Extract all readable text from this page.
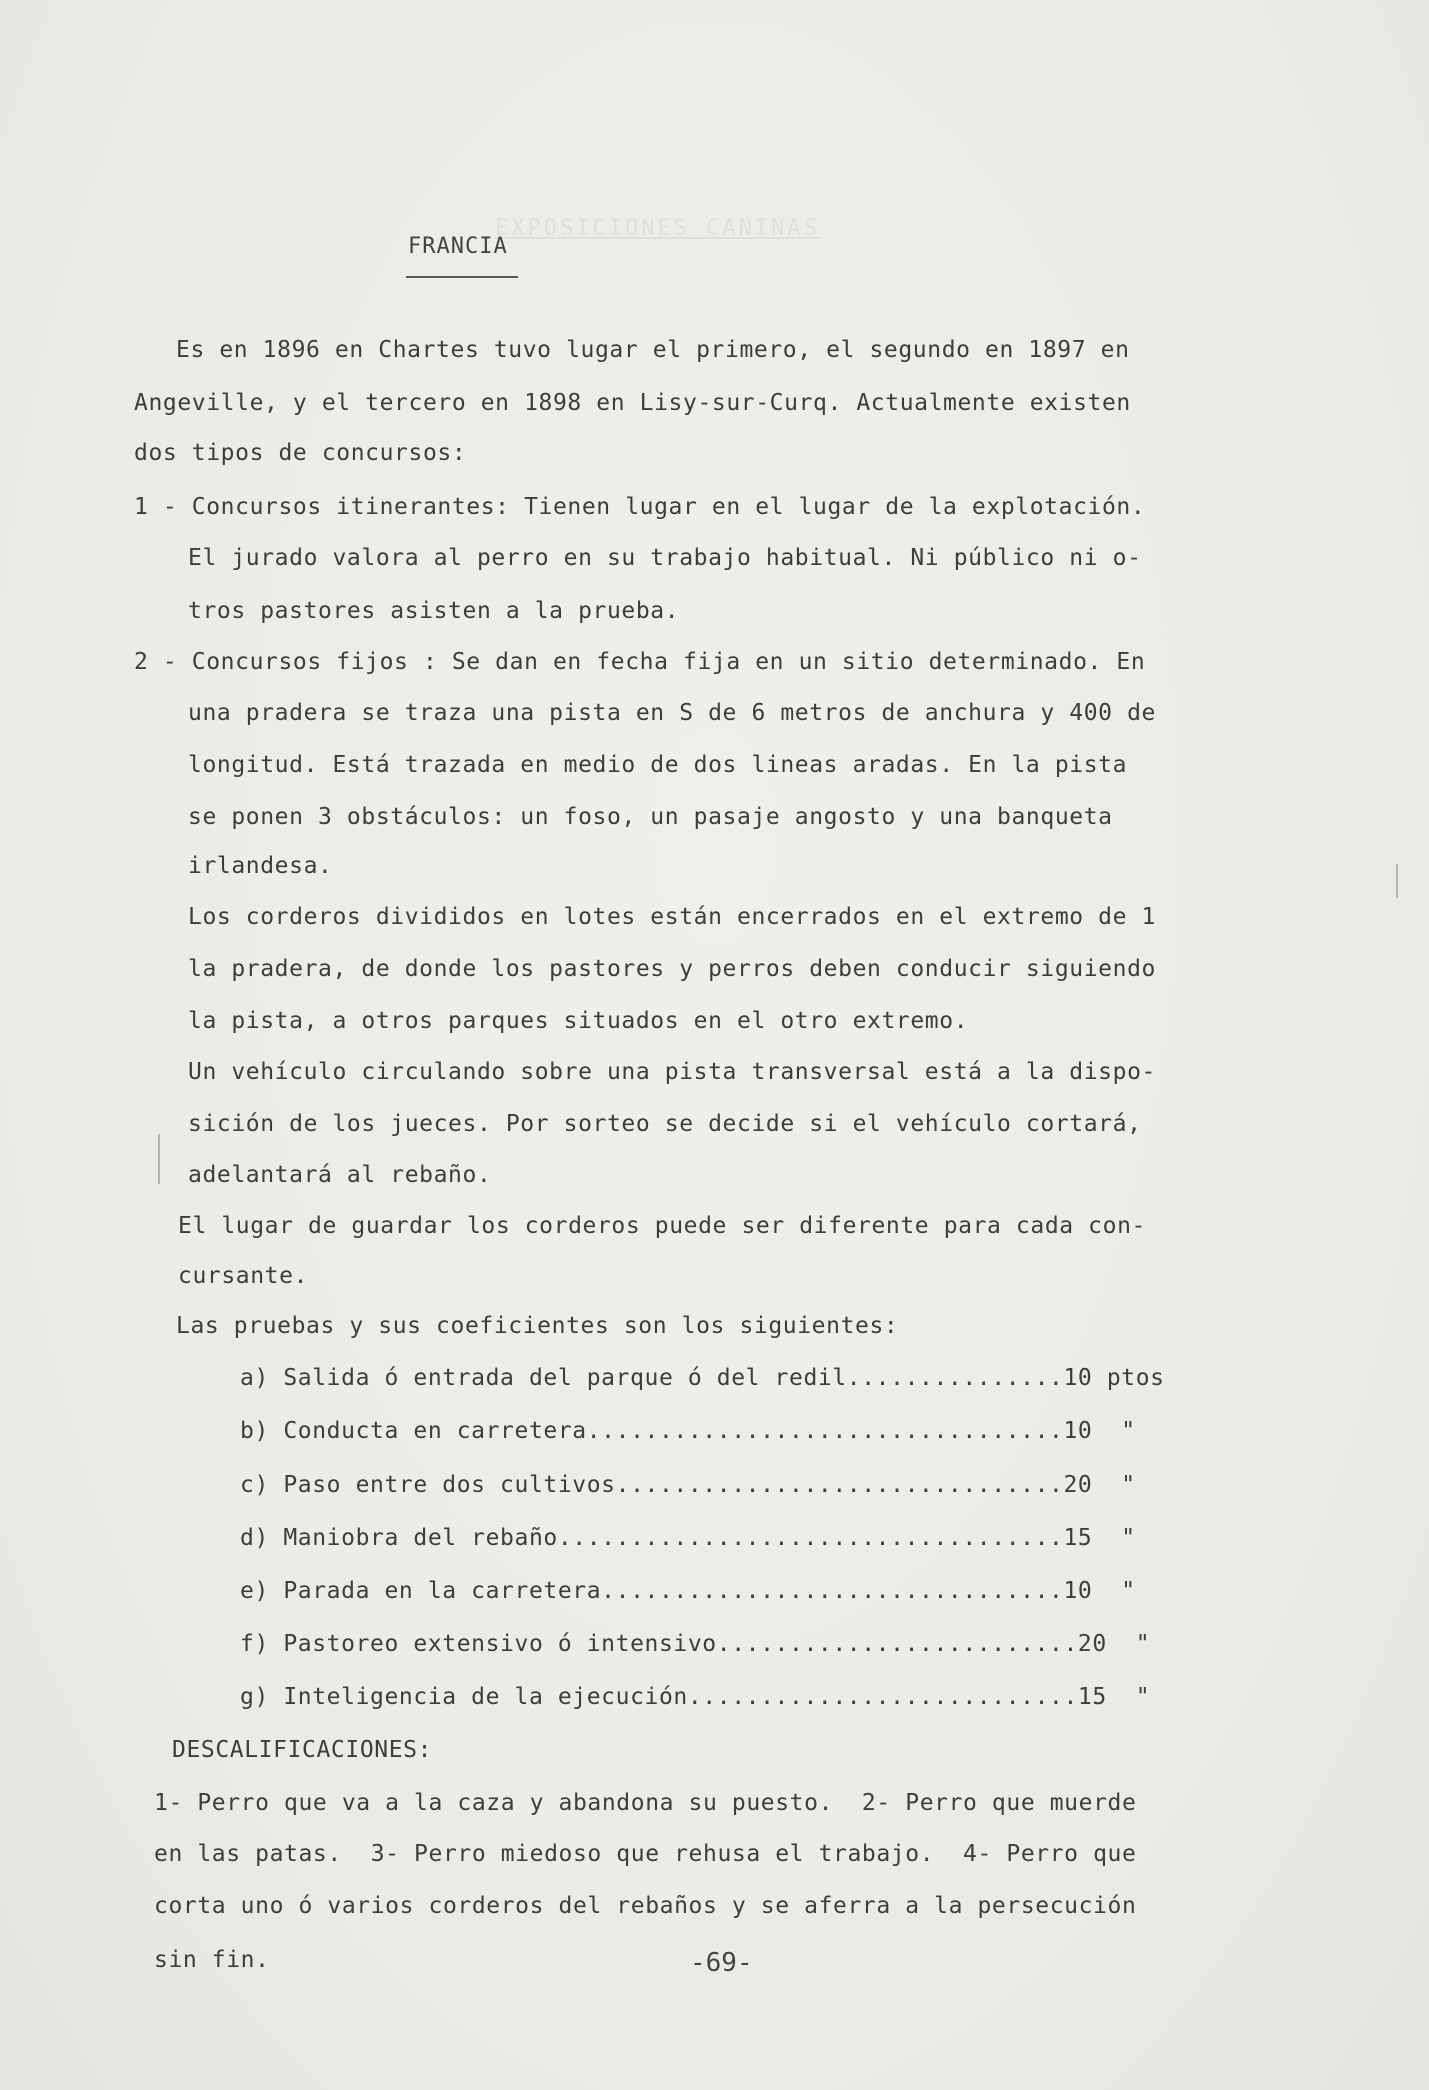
EXPOSICIONES CANINAS
FRANCIA
Es en 1896 en Chartes tuvo lugar el primero, el segundo en 1897 en
Angeville, y el tercero en 1898 en Lisy-sur-Curq. Actualmente existen
dos tipos de concursos:
1 - Concursos itinerantes: Tienen lugar en el lugar de la explotación.
El jurado valora al perro en su trabajo habitual. Ni público ni o-
tros pastores asisten a la prueba.
2 - Concursos fijos : Se dan en fecha fija en un sitio determinado. En
una pradera se traza una pista en S de 6 metros de anchura y 400 de
longitud. Está trazada en medio de dos lineas aradas. En la pista
se ponen 3 obstáculos: un foso, un pasaje angosto y una banqueta
irlandesa.
Los corderos divididos en lotes están encerrados en el extremo de 1
la pradera, de donde los pastores y perros deben conducir siguiendo
la pista, a otros parques situados en el otro extremo.
Un vehículo circulando sobre una pista transversal está a la dispo-
sición de los jueces. Por sorteo se decide si el vehículo cortará,
adelantará al rebaño.
El lugar de guardar los corderos puede ser diferente para cada con-
cursante.
Las pruebas y sus coeficientes son los siguientes:
a) Salida ó entrada del parque ó del redil...............10 ptos
b) Conducta en carretera.................................10  "
c) Paso entre dos cultivos...............................20  "
d) Maniobra del rebaño...................................15  "
e) Parada en la carretera................................10  "
f) Pastoreo extensivo ó intensivo.........................20  "
g) Inteligencia de la ejecución...........................15  "
DESCALIFICACIONES:
1- Perro que va a la caza y abandona su puesto.  2- Perro que muerde
en las patas.  3- Perro miedoso que rehusa el trabajo.  4- Perro que
corta uno ó varios corderos del rebaños y se aferra a la persecución
sin fin.	-69-
